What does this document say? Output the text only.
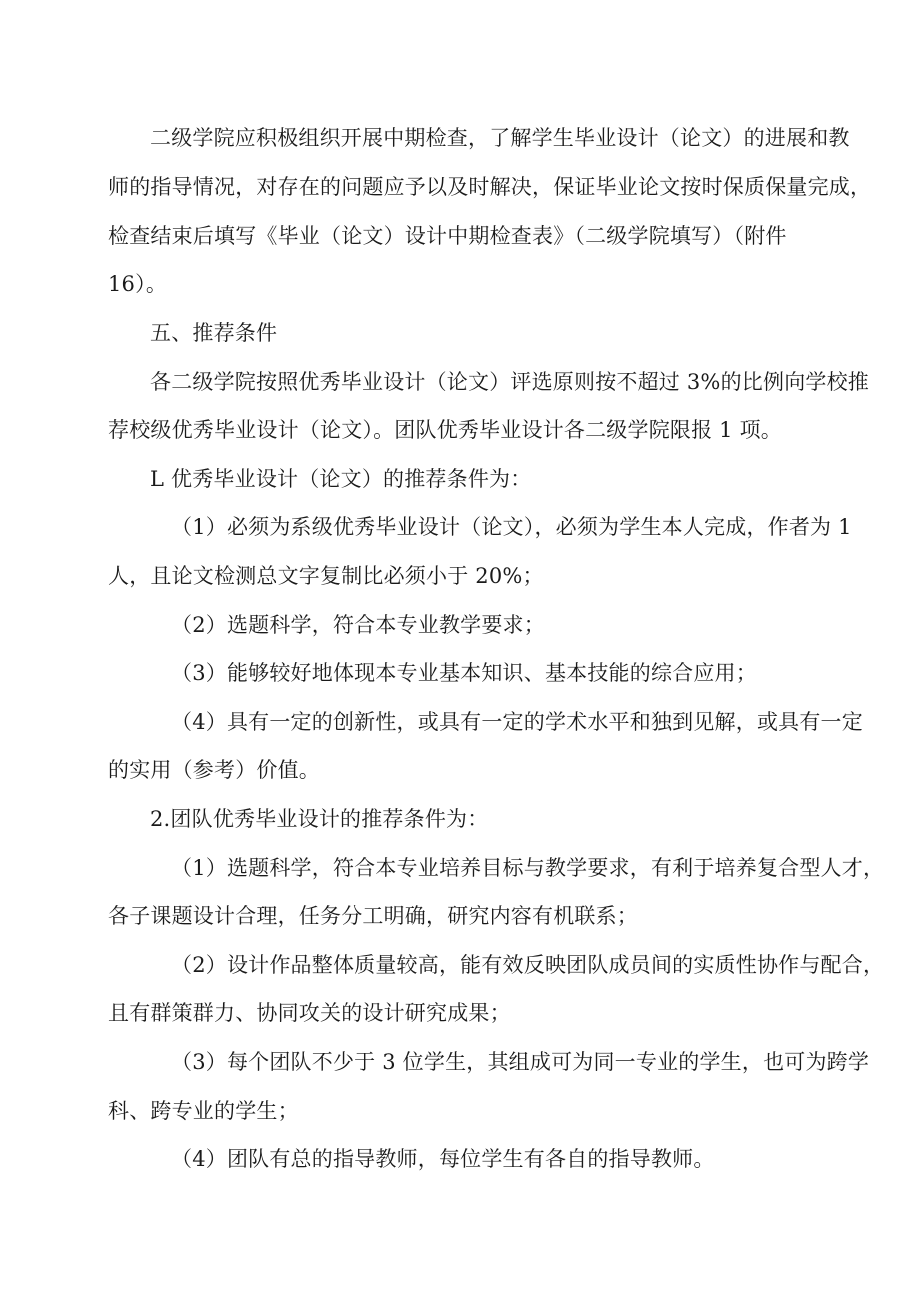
二级学院应积极组织开展中期检查，了解学生毕业设计（论文）的进展和教
师的指导情况，对存在的问题应予以及时解决，保证毕业论文按时保质保量完成，
检查结束后填写《毕业（论文）设计中期检查表》（二级学院填写）（附件
16）。
五、推荐条件
各二级学院按照优秀毕业设计（论文）评选原则按不超过 3%的比例向学校推
荐校级优秀毕业设计（论文）。团队优秀毕业设计各二级学院限报 1 项。
L 优秀毕业设计（论文）的推荐条件为：
（1）必须为系级优秀毕业设计（论文），必须为学生本人完成，作者为 1
人，且论文检测总文字复制比必须小于 20%；
（2）选题科学，符合本专业教学要求；
（3）能够较好地体现本专业基本知识、基本技能的综合应用；
（4）具有一定的创新性，或具有一定的学术水平和独到见解，或具有一定
的实用（参考）价值。
2.团队优秀毕业设计的推荐条件为：
（1）选题科学，符合本专业培养目标与教学要求，有利于培养复合型人才，
各子课题设计合理，任务分工明确，研究内容有机联系；
（2）设计作品整体质量较高，能有效反映团队成员间的实质性协作与配合，
且有群策群力、协同攻关的设计研究成果；
（3）每个团队不少于 3 位学生，其组成可为同一专业的学生，也可为跨学
科、跨专业的学生；
（4）团队有总的指导教师，每位学生有各自的指导教师。
